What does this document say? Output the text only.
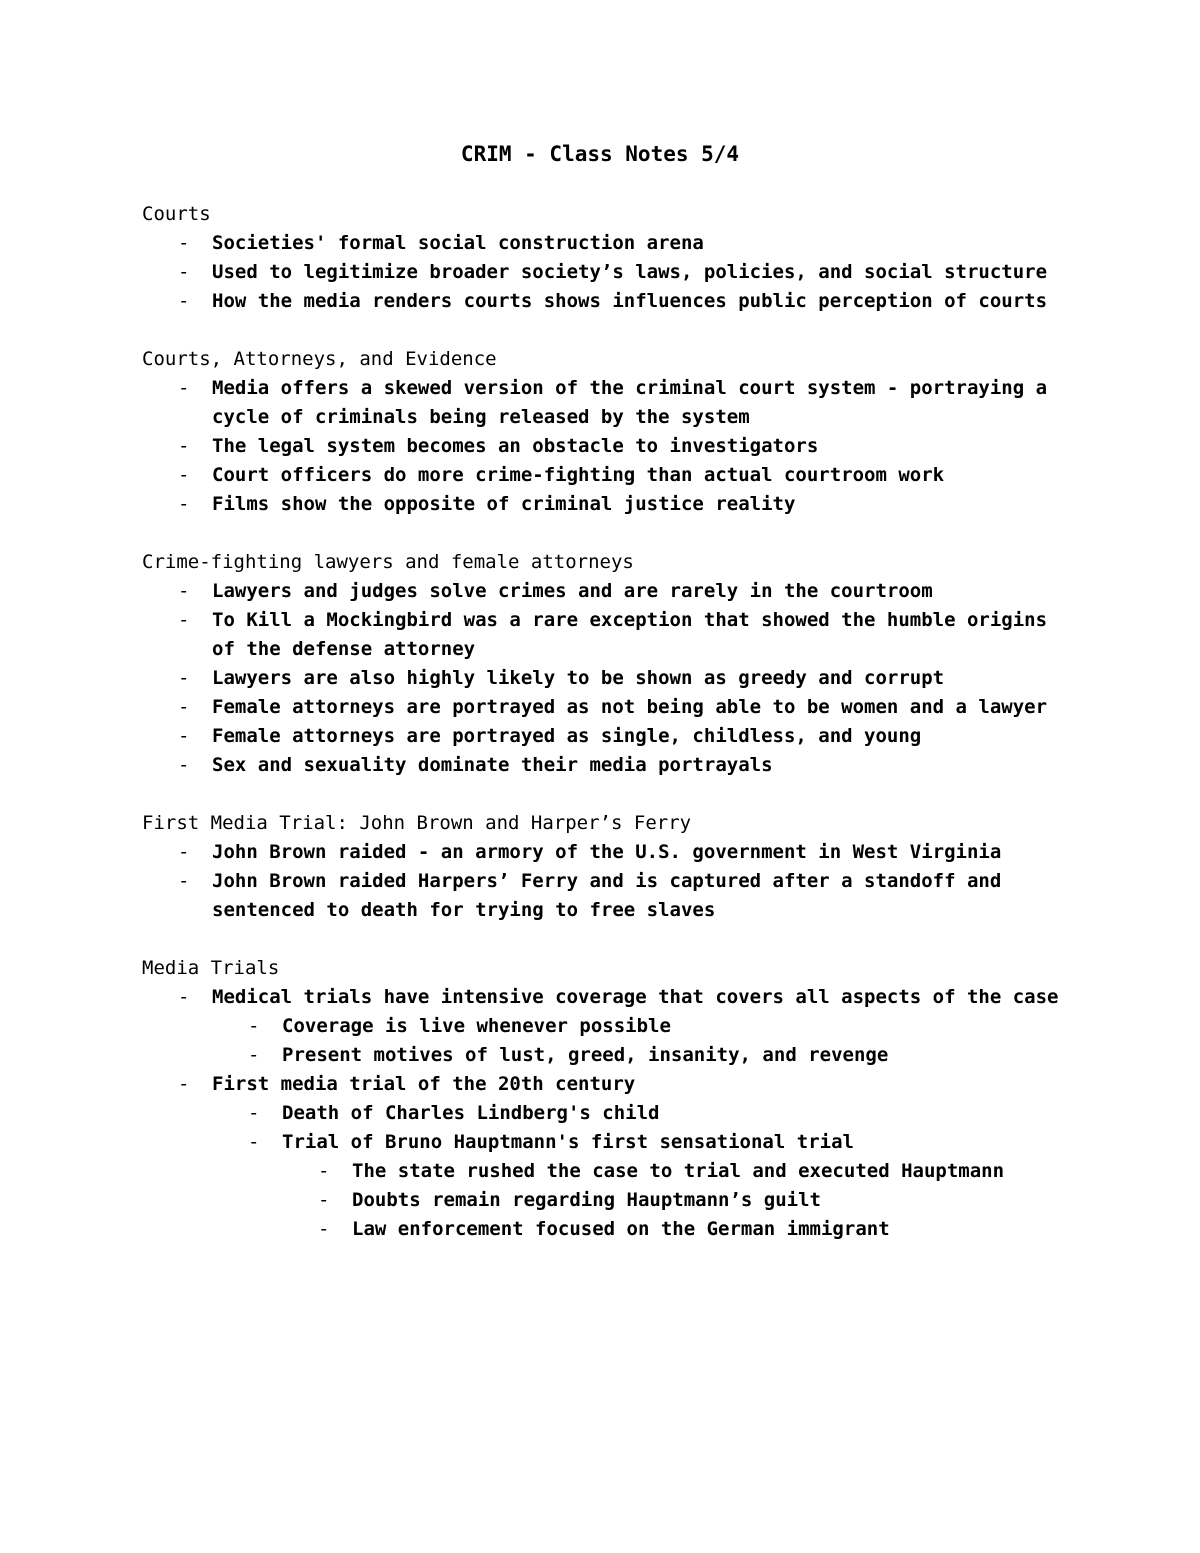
CRIM - Class Notes 5/4
Courts
- Societies' formal social construction arena
- Used to legitimize broader society’s laws, policies, and social structure
- How the media renders courts shows influences public perception of courts
Courts, Attorneys, and Evidence
- Media offers a skewed version of the criminal court system - portraying a cycle of criminals being released by the system
- The legal system becomes an obstacle to investigators
- Court officers do more crime-fighting than actual courtroom work
- Films show the opposite of criminal justice reality
Crime-fighting lawyers and female attorneys
- Lawyers and judges solve crimes and are rarely in the courtroom
- To Kill a Mockingbird was a rare exception that showed the humble origins of the defense attorney
- Lawyers are also highly likely to be shown as greedy and corrupt
- Female attorneys are portrayed as not being able to be women and a lawyer
- Female attorneys are portrayed as single, childless, and young
- Sex and sexuality dominate their media portrayals
First Media Trial: John Brown and Harper’s Ferry
- John Brown raided - an armory of the U.S. government in West Virginia
- John Brown raided Harpers’ Ferry and is captured after a standoff and sentenced to death for trying to free slaves
Media Trials
- Medical trials have intensive coverage that covers all aspects of the case
- Coverage is live whenever possible
- Present motives of lust, greed, insanity, and revenge
- First media trial of the 20th century
- Death of Charles Lindberg's child
- Trial of Bruno Hauptmann's first sensational trial
- The state rushed the case to trial and executed Hauptmann
- Doubts remain regarding Hauptmann’s guilt
- Law enforcement focused on the German immigrant
